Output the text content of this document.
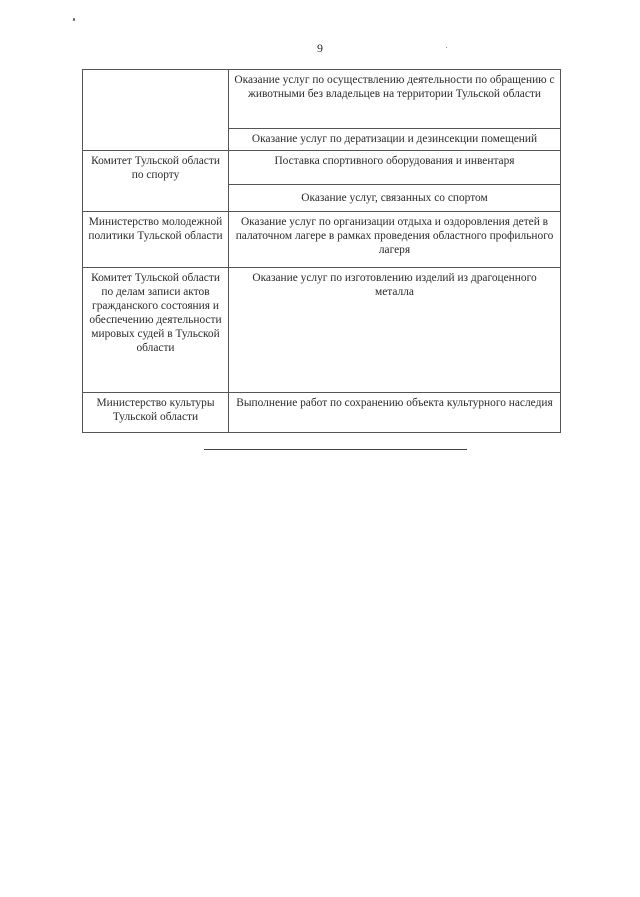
9
	Оказание услуг по осуществлению деятельности по обращению с животными без владельцев на территории Тульской области
	Оказание услуг по дератизации и дезинсекции помещений
Комитет Тульской области по спорту	Поставка спортивного оборудования и инвентаря
	Оказание услуг, связанных со спортом
Министерство молодежной политики Тульской области	Оказание услуг по организации отдыха и оздоровления детей в палаточном лагере в рамках проведения областного профильного лагеря
Комитет Тульской области по делам записи актов гражданского состояния и обеспечению деятельности мировых судей в Тульской области	Оказание услуг по изготовлению изделий из драгоценного металла
Министерство культуры Тульской области	Выполнение работ по сохранению объекта культурного наследия
